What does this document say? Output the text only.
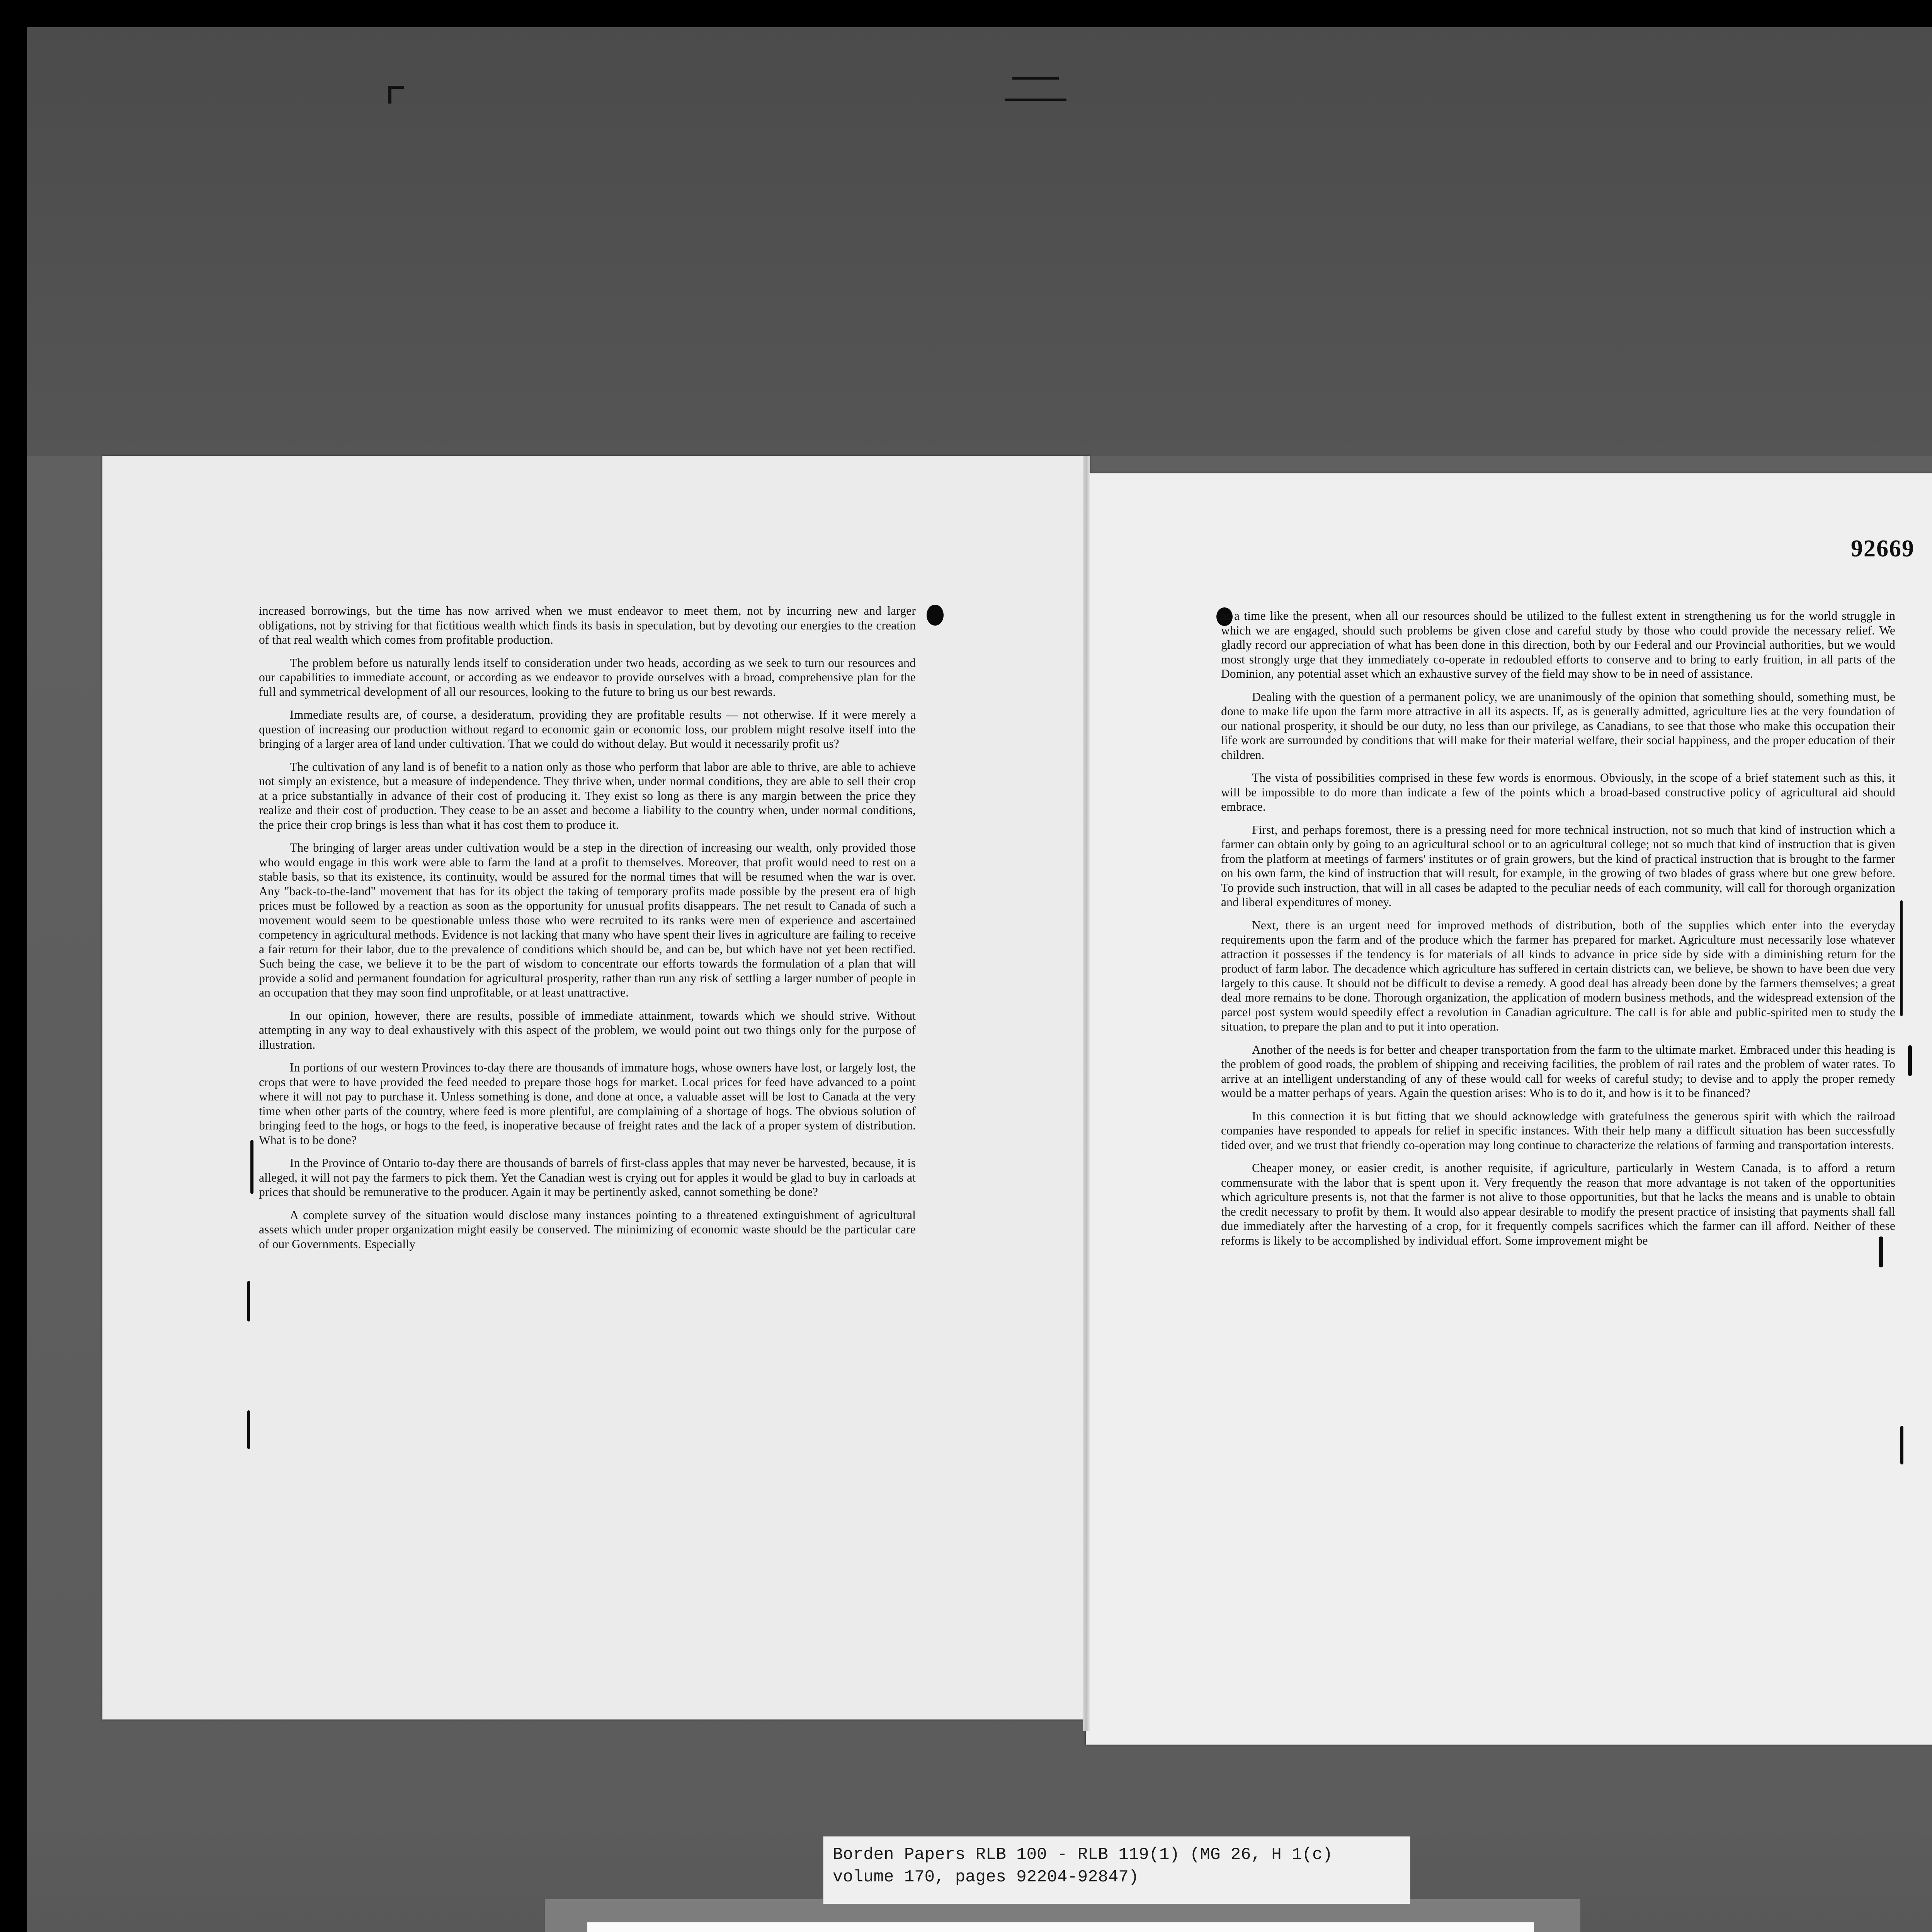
92669

increased borrowings, but the time has now arrived when we must endeavor to meet them, not by incurring new and larger obligations, not by striving for that fictitious wealth which finds its basis in speculation, but by devoting our energies to the creation of that real wealth which comes from profitable production.

The problem before us naturally lends itself to consideration under two heads, according as we seek to turn our resources and our capabilities to immediate account, or according as we endeavor to provide ourselves with a broad, comprehensive plan for the full and symmetrical development of all our resources, looking to the future to bring us our best rewards.

Immediate results are, of course, a desideratum, providing they are profitable results — not otherwise. If it were merely a question of increasing our production without regard to economic gain or economic loss, our problem might resolve itself into the bringing of a larger area of land under cultivation. That we could do without delay. But would it necessarily profit us?

The cultivation of any land is of benefit to a nation only as those who perform that labor are able to thrive, are able to achieve not simply an existence, but a measure of independence. They thrive when, under normal conditions, they are able to sell their crop at a price substantially in advance of their cost of producing it. They exist so long as there is any margin between the price they realize and their cost of production. They cease to be an asset and become a liability to the country when, under normal conditions, the price their crop brings is less than what it has cost them to produce it.

The bringing of larger areas under cultivation would be a step in the direction of increasing our wealth, only provided those who would engage in this work were able to farm the land at a profit to themselves. Moreover, that profit would need to rest on a stable basis, so that its existence, its continuity, would be assured for the normal times that will be resumed when the war is over. Any "back-to-the-land" movement that has for its object the taking of temporary profits made possible by the present era of high prices must be followed by a reaction as soon as the opportunity for unusual profits disappears. The net result to Canada of such a movement would seem to be questionable unless those who were recruited to its ranks were men of experience and ascertained competency in agricultural methods. Evidence is not lacking that many who have spent their lives in agriculture are failing to receive a fair return for their labor, due to the prevalence of conditions which should be, and can be, but which have not yet been rectified. Such being the case, we believe it to be the part of wisdom to concentrate our efforts towards the formulation of a plan that will provide a solid and permanent foundation for agricultural prosperity, rather than run any risk of settling a larger number of people in an occupation that they may soon find unprofitable, or at least unattractive.

In our opinion, however, there are results, possible of immediate attainment, towards which we should strive. Without attempting in any way to deal exhaustively with this aspect of the problem, we would point out two things only for the purpose of illustration.

In portions of our western Provinces to-day there are thousands of immature hogs, whose owners have lost, or largely lost, the crops that were to have provided the feed needed to prepare those hogs for market. Local prices for feed have advanced to a point where it will not pay to purchase it. Unless something is done, and done at once, a valuable asset will be lost to Canada at the very time when other parts of the country, where feed is more plentiful, are complaining of a shortage of hogs. The obvious solution of bringing feed to the hogs, or hogs to the feed, is inoperative because of freight rates and the lack of a proper system of distribution. What is to be done?

In the Province of Ontario to-day there are thousands of barrels of first-class apples that may never be harvested, because, it is alleged, it will not pay the farmers to pick them. Yet the Canadian west is crying out for apples it would be glad to buy in carloads at prices that should be remunerative to the producer. Again it may be pertinently asked, cannot something be done?

A complete survey of the situation would disclose many instances pointing to a threatened extinguishment of agricultural assets which under proper organization might easily be conserved. The minimizing of economic waste should be the particular care of our Governments. Especially

at a time like the present, when all our resources should be utilized to the fullest extent in strengthening us for the world struggle in which we are engaged, should such problems be given close and careful study by those who could provide the necessary relief. We gladly record our appreciation of what has been done in this direction, both by our Federal and our Provincial authorities, but we would most strongly urge that they immediately co-operate in redoubled efforts to conserve and to bring to early fruition, in all parts of the Dominion, any potential asset which an exhaustive survey of the field may show to be in need of assistance.

Dealing with the question of a permanent policy, we are unanimously of the opinion that something should, something must, be done to make life upon the farm more attractive in all its aspects. If, as is generally admitted, agriculture lies at the very foundation of our national prosperity, it should be our duty, no less than our privilege, as Canadians, to see that those who make this occupation their life work are surrounded by conditions that will make for their material welfare, their social happiness, and the proper education of their children.

The vista of possibilities comprised in these few words is enormous. Obviously, in the scope of a brief statement such as this, it will be impossible to do more than indicate a few of the points which a broad-based constructive policy of agricultural aid should embrace.

First, and perhaps foremost, there is a pressing need for more technical instruction, not so much that kind of instruction which a farmer can obtain only by going to an agricultural school or to an agricultural college; not so much that kind of instruction that is given from the platform at meetings of farmers' institutes or of grain growers, but the kind of practical instruction that is brought to the farmer on his own farm, the kind of instruction that will result, for example, in the growing of two blades of grass where but one grew before. To provide such instruction, that will in all cases be adapted to the peculiar needs of each community, will call for thorough organization and liberal expenditures of money.

Next, there is an urgent need for improved methods of distribution, both of the supplies which enter into the everyday requirements upon the farm and of the produce which the farmer has prepared for market. Agriculture must necessarily lose whatever attraction it possesses if the tendency is for materials of all kinds to advance in price side by side with a diminishing return for the product of farm labor. The decadence which agriculture has suffered in certain districts can, we believe, be shown to have been due very largely to this cause. It should not be difficult to devise a remedy. A good deal has already been done by the farmers themselves; a great deal more remains to be done. Thorough organization, the application of modern business methods, and the widespread extension of the parcel post system would speedily effect a revolution in Canadian agriculture. The call is for able and public-spirited men to study the situation, to prepare the plan and to put it into operation.

Another of the needs is for better and cheaper transportation from the farm to the ultimate market. Embraced under this heading is the problem of good roads, the problem of shipping and receiving facilities, the problem of rail rates and the problem of water rates. To arrive at an intelligent understanding of any of these would call for weeks of careful study; to devise and to apply the proper remedy would be a matter perhaps of years. Again the question arises: Who is to do it, and how is it to be financed?

In this connection it is but fitting that we should acknowledge with gratefulness the generous spirit with which the railroad companies have responded to appeals for relief in specific instances. With their help many a difficult situation has been successfully tided over, and we trust that friendly co-operation may long continue to characterize the relations of farming and transportation interests.

Cheaper money, or easier credit, is another requisite, if agriculture, particularly in Western Canada, is to afford a return commensurate with the labor that is spent upon it. Very frequently the reason that more advantage is not taken of the opportunities which agriculture presents is, not that the farmer is not alive to those opportunities, but that he lacks the means and is unable to obtain the credit necessary to profit by them. It would also appear desirable to modify the present practice of insisting that payments shall fall due immediately after the harvesting of a crop, for it frequently compels sacrifices which the farmer can ill afford. Neither of these reforms is likely to be accomplished by individual effort. Some improvement might be

Borden Papers RLB 100 - RLB 119(1) (MG 26, H 1(c)
volume 170, pages 92204-92847)
